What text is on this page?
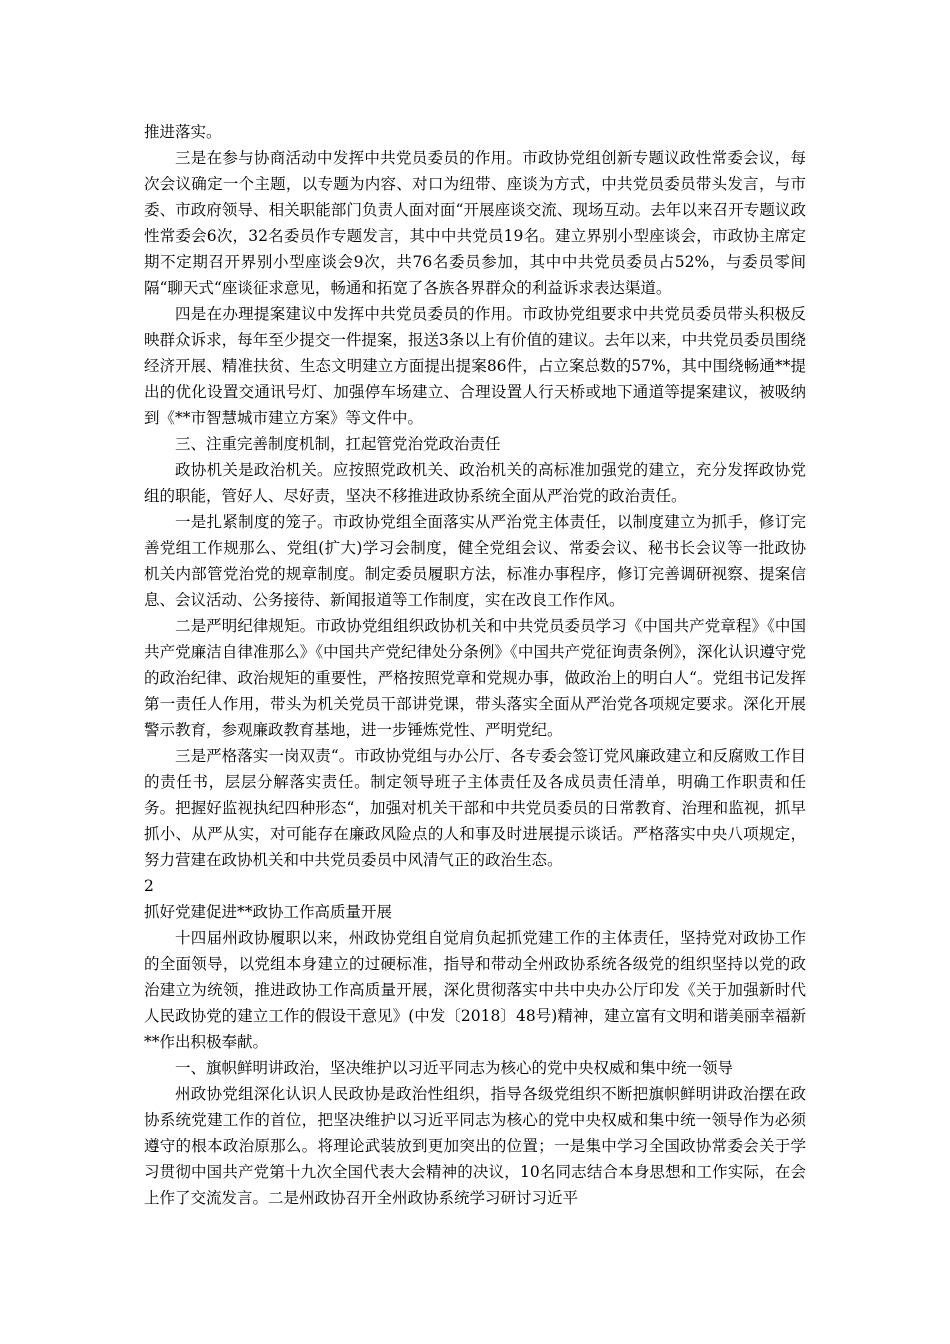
推进落实。

三是在参与协商活动中发挥中共党员委员的作用。市政协党组创新专题议政性常委会议，每次会议确定一个主题，以专题为内容、对口为纽带、座谈为方式，中共党员委员带头发言，与市委、市政府领导、相关职能部门负责人面对面“开展座谈交流、现场互动。去年以来召开专题议政性常委会6次，32名委员作专题发言，其中中共党员19名。建立界别小型座谈会，市政协主席定期不定期召开界别小型座谈会9次，共76名委员参加，其中中共党员委员占52%，与委员零间隔“聊天式“座谈征求意见，畅通和拓宽了各族各界群众的利益诉求表达渠道。

四是在办理提案建议中发挥中共党员委员的作用。市政协党组要求中共党员委员带头积极反映群众诉求，每年至少提交一件提案，报送3条以上有价值的建议。去年以来，中共党员委员围绕经济开展、精准扶贫、生态文明建立方面提出提案86件，占立案总数的57%，其中围绕畅通**提出的优化设置交通讯号灯、加强停车场建立、合理设置人行天桥或地下通道等提案建议，被吸纳到《**市智慧城市建立方案》等文件中。

三、注重完善制度机制，扛起管党治党政治责任

政协机关是政治机关。应按照党政机关、政治机关的高标准加强党的建立，充分发挥政协党组的职能，管好人、尽好责，坚决不移推进政协系统全面从严治党的政治责任。

一是扎紧制度的笼子。市政协党组全面落实从严治党主体责任，以制度建立为抓手，修订完善党组工作规那么、党组(扩大)学习会制度，健全党组会议、常委会议、秘书长会议等一批政协机关内部管党治党的规章制度。制定委员履职方法，标准办事程序，修订完善调研视察、提案信息、会议活动、公务接待、新闻报道等工作制度，实在改良工作作风。

二是严明纪律规矩。市政协党组组织政协机关和中共党员委员学习《中国共产党章程》《中国共产党廉洁自律准那么》《中国共产党纪律处分条例》《中国共产党征询责条例》，深化认识遵守党的政治纪律、政治规矩的重要性，严格按照党章和党规办事，做政治上的明白人“。党组书记发挥第一责任人作用，带头为机关党员干部讲党课，带头落实全面从严治党各项规定要求。深化开展警示教育，参观廉政教育基地，进一步锤炼党性、严明党纪。

三是严格落实一岗双责“。市政协党组与办公厅、各专委会签订党风廉政建立和反腐败工作目的责任书，层层分解落实责任。制定领导班子主体责任及各成员责任清单，明确工作职责和任务。把握好监视执纪四种形态“，加强对机关干部和中共党员委员的日常教育、治理和监视，抓早抓小、从严从实，对可能存在廉政风险点的人和事及时进展提示谈话。严格落实中央八项规定，努力营建在政协机关和中共党员委员中风清气正的政治生态。

2

抓好党建促进**政协工作高质量开展

十四届州政协履职以来，州政协党组自觉肩负起抓党建工作的主体责任，坚持党对政协工作的全面领导，以党组本身建立的过硬标准，指导和带动全州政协系统各级党的组织坚持以党的政治建立为统领，推进政协工作高质量开展，深化贯彻落实中共中央办公厅印发《关于加强新时代人民政协党的建立工作的假设干意见》(中发〔2018〕48号)精神，建立富有文明和谐美丽幸福新**作出积极奉献。

一、旗帜鲜明讲政治，坚决维护以习近平同志为核心的党中央权威和集中统一领导

州政协党组深化认识人民政协是政治性组织，指导各级党组织不断把旗帜鲜明讲政治摆在政协系统党建工作的首位，把坚决维护以习近平同志为核心的党中央权威和集中统一领导作为必须遵守的根本政治原那么。将理论武装放到更加突出的位置；一是集中学习全国政协常委会关于学习贯彻中国共产党第十九次全国代表大会精神的决议，10名同志结合本身思想和工作实际，在会上作了交流发言。二是州政协召开全州政协系统学习研讨习近平
